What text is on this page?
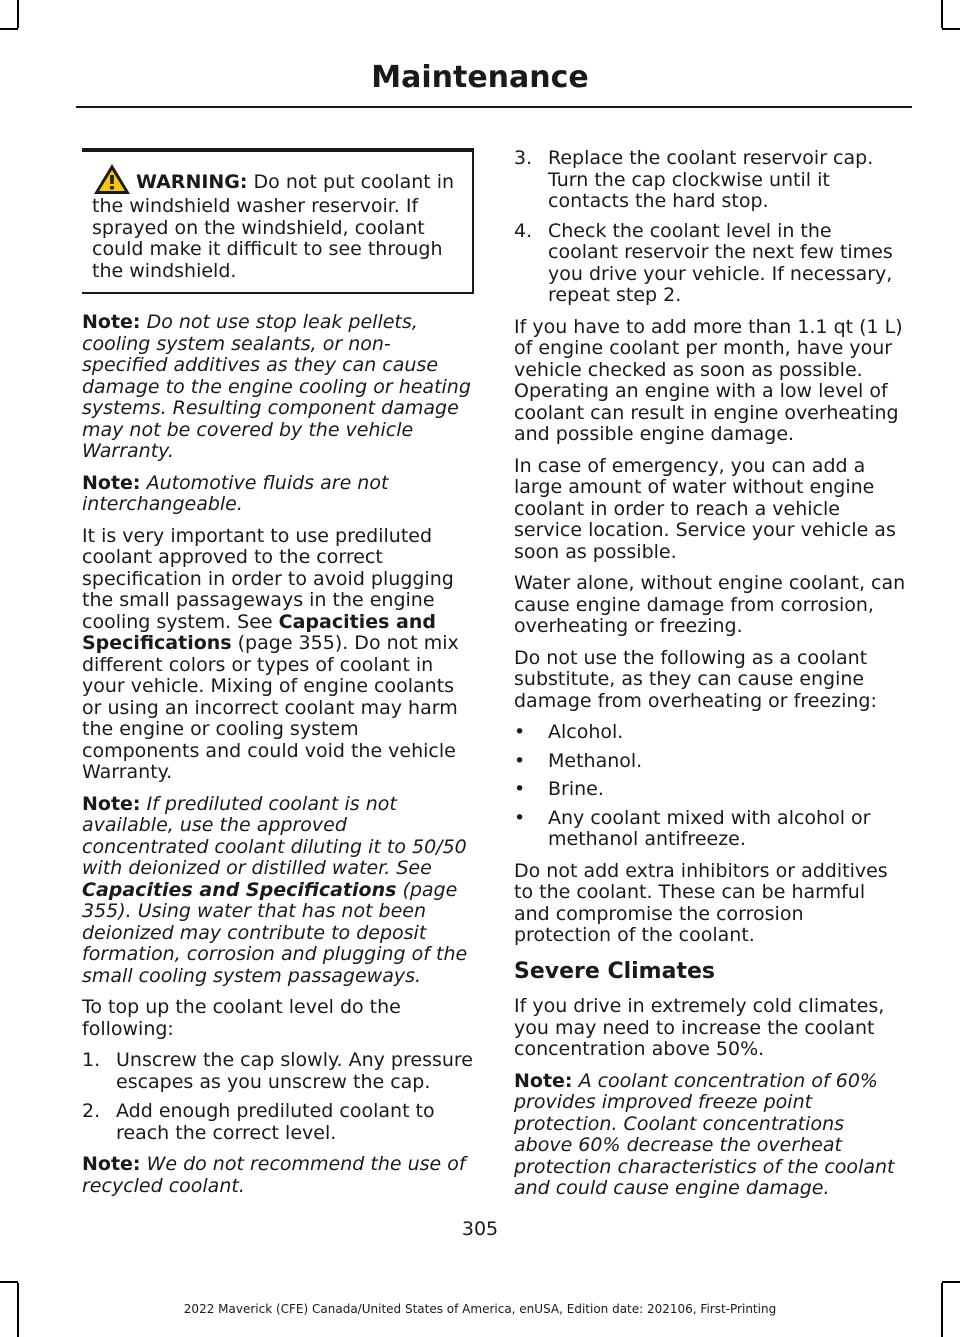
Maintenance
WARNING: Do not put coolant in the windshield washer reservoir. If sprayed on the windshield, coolant could make it difficult to see through the windshield.

Note: Do not use stop leak pellets, cooling system sealants, or non-specified additives as they can cause damage to the engine cooling or heating systems. Resulting component damage may not be covered by the vehicle Warranty.

Note: Automotive fluids are not interchangeable.

It is very important to use prediluted coolant approved to the correct specification in order to avoid plugging the small passageways in the engine cooling system. See Capacities and Specifications (page 355). Do not mix different colors or types of coolant in your vehicle. Mixing of engine coolants or using an incorrect coolant may harm the engine or cooling system components and could void the vehicle Warranty.

Note: If prediluted coolant is not available, use the approved concentrated coolant diluting it to 50/50 with deionized or distilled water. See Capacities and Specifications (page 355). Using water that has not been deionized may contribute to deposit formation, corrosion and plugging of the small cooling system passageways.

To top up the coolant level do the following:

1. Unscrew the cap slowly. Any pressure escapes as you unscrew the cap.
2. Add enough prediluted coolant to reach the correct level.

Note: We do not recommend the use of recycled coolant.

3. Replace the coolant reservoir cap. Turn the cap clockwise until it contacts the hard stop.
4. Check the coolant level in the coolant reservoir the next few times you drive your vehicle. If necessary, repeat step 2.

If you have to add more than 1.1 qt (1 L) of engine coolant per month, have your vehicle checked as soon as possible. Operating an engine with a low level of coolant can result in engine overheating and possible engine damage.

In case of emergency, you can add a large amount of water without engine coolant in order to reach a vehicle service location. Service your vehicle as soon as possible.

Water alone, without engine coolant, can cause engine damage from corrosion, overheating or freezing.

Do not use the following as a coolant substitute, as they can cause engine damage from overheating or freezing:

• Alcohol.
• Methanol.
• Brine.
• Any coolant mixed with alcohol or methanol antifreeze.

Do not add extra inhibitors or additives to the coolant. These can be harmful and compromise the corrosion protection of the coolant.

Severe Climates

If you drive in extremely cold climates, you may need to increase the coolant concentration above 50%.

Note: A coolant concentration of 60% provides improved freeze point protection. Coolant concentrations above 60% decrease the overheat protection characteristics of the coolant and could cause engine damage.

305
2022 Maverick (CFE) Canada/United States of America, enUSA, Edition date: 202106, First-Printing
